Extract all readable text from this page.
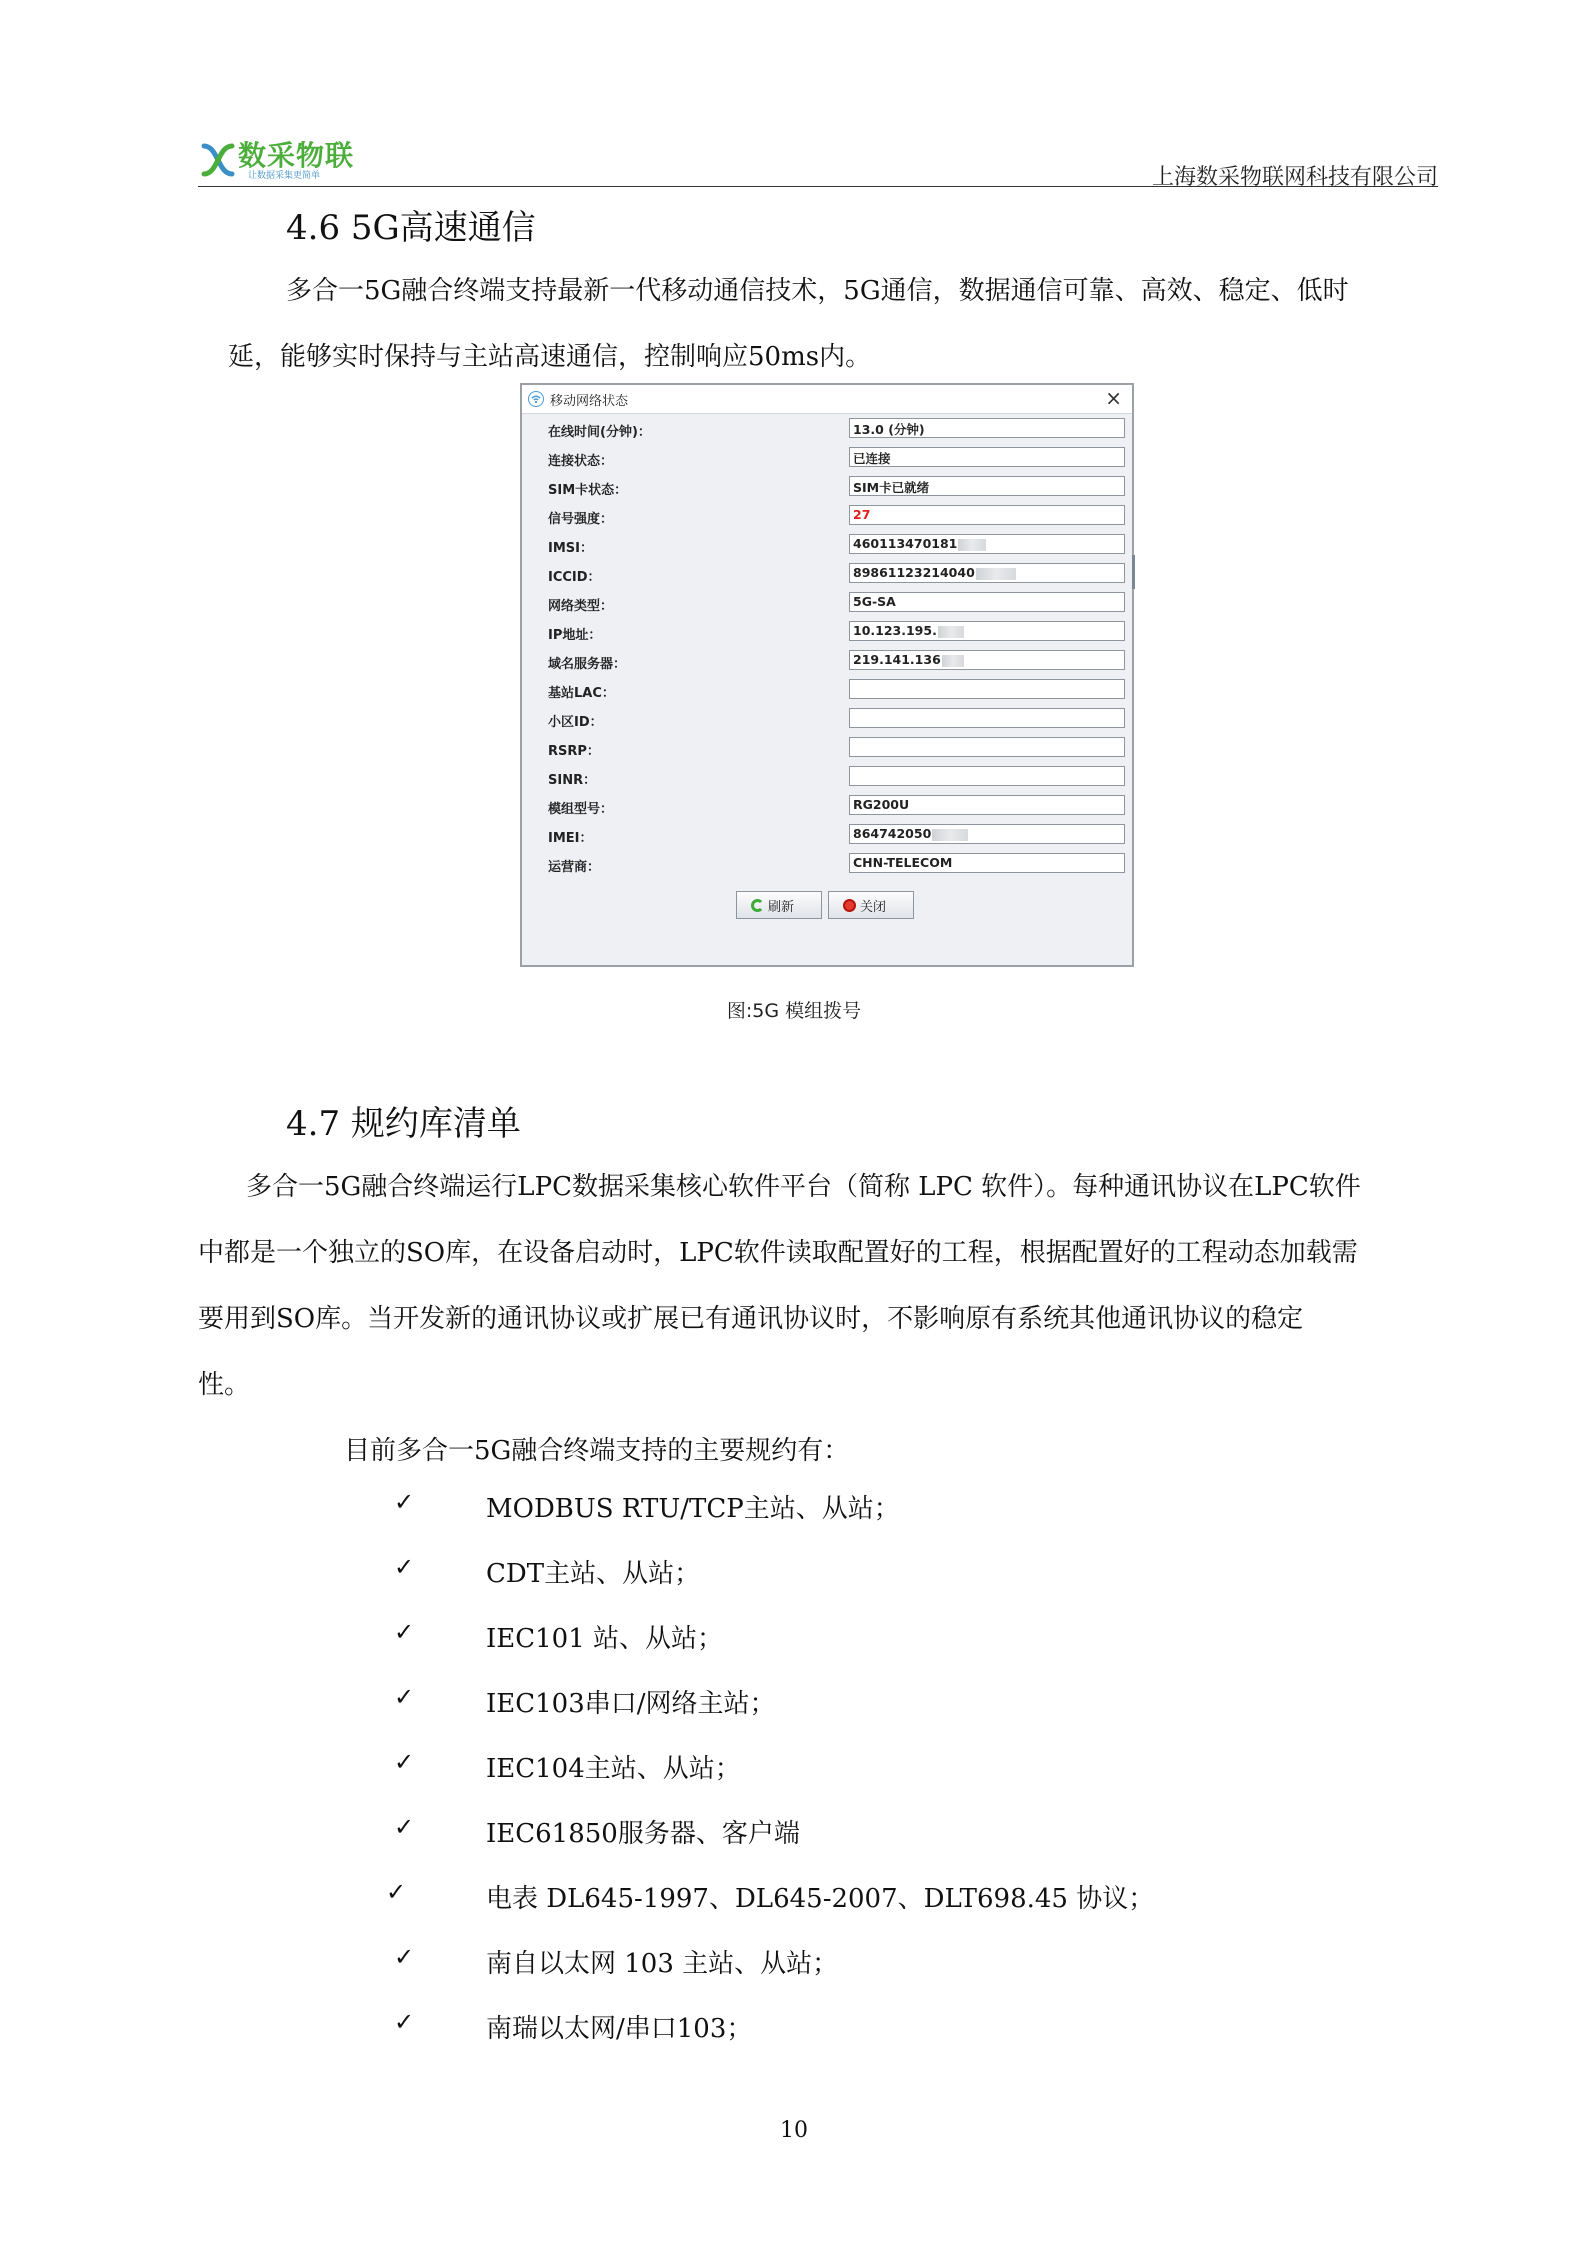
数采物联
让数据采集更简单	上海数采物联网科技有限公司
4.6 5G高速通信

多合一5G融合终端支持最新一代移动通信技术，5G通信，数据通信可靠、高效、稳定、低时

延，能够实时保持与主站高速通信，控制响应50ms内。

移动网络状态	×
在线时间(分钟)：	13.0 (分钟)
连接状态：	已连接
SIM卡状态：	SIM卡已就绪
信号强度：	27
IMSI：	460113470181
ICCID：	89861123214040
网络类型：	5G-SA
IP地址：	10.123.195.
域名服务器：	219.141.136
基站LAC：
小区ID：
RSRP：
SINR：
模组型号：	RG200U
IMEI：	864742050
运营商：	CHN-TELECOM
刷新	关闭
图:5G 模组拨号
4.7 规约库清单

多合一5G融合终端运行LPC数据采集核心软件平台（简称 LPC 软件）。每种通讯协议在LPC软件

中都是一个独立的SO库，在设备启动时，LPC软件读取配置好的工程，根据配置好的工程动态加载需

要用到SO库。当开发新的通讯协议或扩展已有通讯协议时，不影响原有系统其他通讯协议的稳定

性。

目前多合一5G融合终端支持的主要规约有：

✓	MODBUS RTU/TCP主站、从站；
✓	CDT主站、从站；
✓	IEC101 站、从站；
✓	IEC103串口/网络主站；
✓	IEC104主站、从站；
✓	IEC61850服务器、客户端
✓	电表 DL645-1997、DL645-2007、DLT698.45 协议；
✓	南自以太网 103 主站、从站；
✓	南瑞以太网/串口103；
10
